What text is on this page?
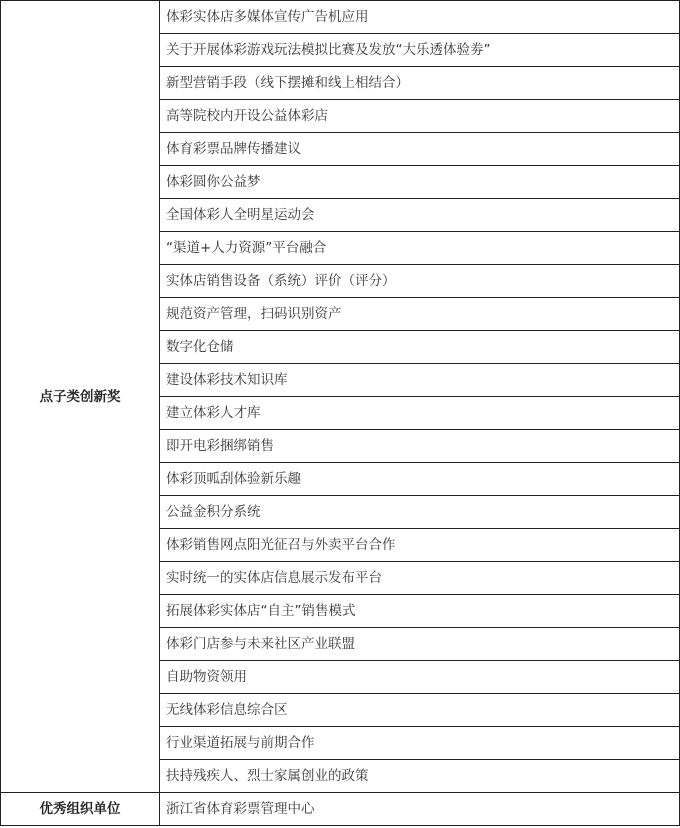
点子类创新奖	体彩实体店多媒体宣传广告机应用
	关于开展体彩游戏玩法模拟比赛及发放“大乐透体验劵”
	新型营销手段（线下摆摊和线上相结合）
	高等院校内开设公益体彩店
	体育彩票品牌传播建议
	体彩圆你公益梦
	全国体彩人全明星运动会
	“渠道+人力资源”平台融合
	实体店销售设备（系统）评价（评分）
	规范资产管理，扫码识别资产
	数字化仓储
	建设体彩技术知识库
	建立体彩人才库
	即开电彩捆绑销售
	体彩顶呱刮体验新乐趣
	公益金积分系统
	体彩销售网点阳光征召与外卖平台合作
	实时统一的实体店信息展示发布平台
	拓展体彩实体店“自主”销售模式
	体彩门店参与未来社区产业联盟
	自助物资领用
	无线体彩信息综合区
	行业渠道拓展与前期合作
	扶持残疾人、烈士家属创业的政策
优秀组织单位	浙江省体育彩票管理中心
